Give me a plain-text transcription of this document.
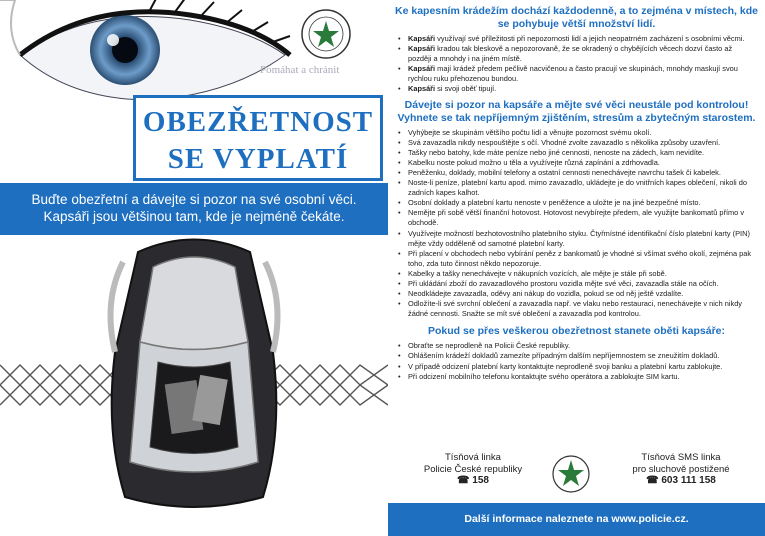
Pomáhat a chránit
OBEZŘETNOST
SE VYPLATÍ
Buďte obezřetní a dávejte si pozor na své osobní věci.
Kapsáři jsou většinou tam, kde je nejméně čekáte.
Ke kapesním krádežím dochází každodenně, a to zejména v místech, kde se pohybuje větší množství lidí.
• Kapsáři využívají své příležitosti při nepozornosti lidí a jejich neopatrném zacházení s osobními věcmi.
• Kapsáři kradou tak bleskově a nepozorovaně, že se okradený o chybějících věcech dozví často až později a mnohdy i na jiném místě.
• Kapsáři mají krádež předem pečlivě nacvičenou a často pracují ve skupinách, mnohdy maskují svou rychlou ruku přehozenou bundou.
• Kapsáři si svoji oběť tipují.
Dávejte si pozor na kapsáře a mějte své věci neustále pod kontrolou! Vyhnete se tak nepříjemným zjištěním, stresům a zbytečným starostem.
• Vyhýbejte se skupinám většího počtu lidí a věnujte pozornost svému okolí.
• Svá zavazadla nikdy nespouštějte s očí. Vhodné zvolte zavazadlo s několika způsoby uzavření.
• Tašky nebo batohy, kde máte peníze nebo jiné cennosti, nenoste na zádech, kam nevidíte.
• Kabelku noste pokud možno u těla a využívejte různá zapínání a zdrhovadla.
• Peněženku, doklady, mobilní telefony a ostatní cennosti nenechávejte navrchu tašek či kabelek.
• Noste-li peníze, platební kartu apod. mimo zavazadlo, ukládejte je do vnitřních kapes oblečení, nikoli do zadních kapes kalhot.
• Osobní doklady a platební kartu nenoste v peněžence a uložte je na jiné bezpečné místo.
• Nemějte při sobě větší finanční hotovost. Hotovost nevybírejte předem, ale využijte bankomatů přímo v obchodě.
• Využívejte možností bezhotovostního platebního styku. Čtyřmístné identifikační číslo platební karty (PIN) mějte vždy odděleně od samotné platební karty.
• Při placení v obchodech nebo vybírání peněz z bankomatů je vhodné si všímat svého okolí, zejména pak toho, zda tuto činnost někdo nepozoruje.
• Kabelky a tašky nenechávejte v nákupních vozících, ale mějte je stále při sobě.
• Při ukládání zboží do zavazadlového prostoru vozidla mějte své věci, zavazadla stále na očích.
• Neodkládejte zavazadla, oděvy ani nákup do vozidla, pokud se od něj ještě vzdalíte.
• Odložíte-li své svrchní oblečení a zavazadla např. ve vlaku nebo restauraci, nenechávejte v nich nikdy žádné cennosti. Snažte se mít své oblečení a zavazadla pod kontrolou.
Pokud se přes veškerou obezřetnost stanete oběti kapsáře:
• Obraťte se neprodleně na Policii České republiky.
• Ohlášením krádeží dokladů zamezíte případným dalším nepříjemnostem se zneužitím dokladů.
• V případě odcizení platební karty kontaktujte neprodleně svoji banku a platební kartu zablokujte.
• Při odcizení mobilního telefonu kontaktujte svého operátora a zablokujte SIM kartu.
Tísňová linka
Policie České republiky
☎ 158
Tísňová SMS linka
pro sluchově postižené
☎ 603 111 158
Další informace naleznete na www.policie.cz.
